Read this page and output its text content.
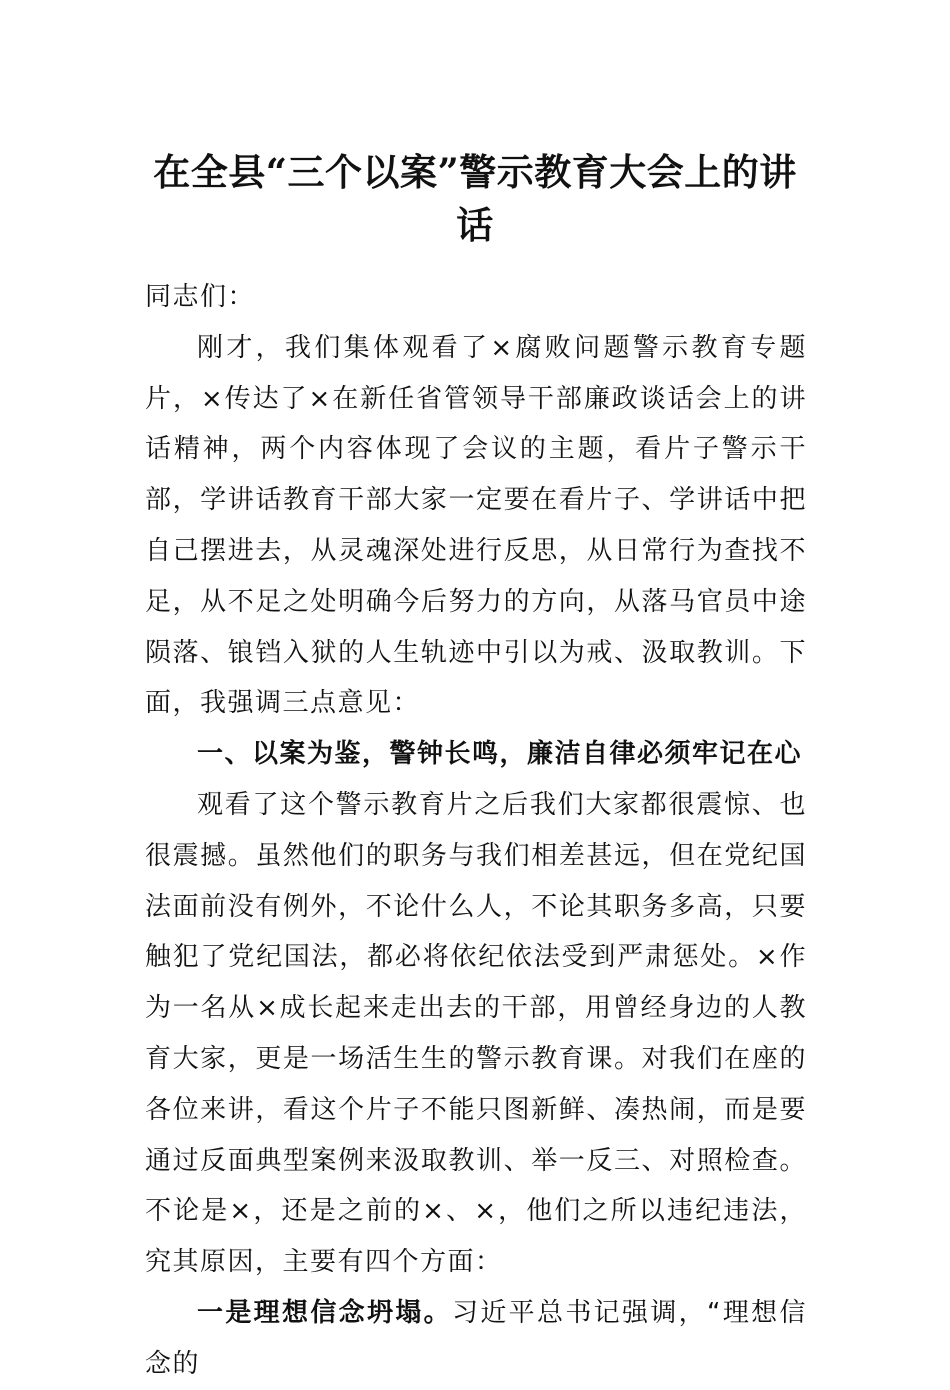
在全县“三个以案”警示教育大会上的讲话

同志们：

刚才，我们集体观看了×腐败问题警示教育专题片，×传达了×在新任省管领导干部廉政谈话会上的讲话精神，两个内容体现了会议的主题，看片子警示干部，学讲话教育干部大家一定要在看片子、学讲话中把自己摆进去，从灵魂深处进行反思，从日常行为查找不足，从不足之处明确今后努力的方向，从落马官员中途陨落、锒铛入狱的人生轨迹中引以为戒、汲取教训。下面，我强调三点意见：

一、以案为鉴，警钟长鸣，廉洁自律必须牢记在心

观看了这个警示教育片之后我们大家都很震惊、也很震撼。虽然他们的职务与我们相差甚远，但在党纪国法面前没有例外，不论什么人，不论其职务多高，只要触犯了党纪国法，都必将依纪依法受到严肃惩处。×作为一名从×成长起来走出去的干部，用曾经身边的人教育大家，更是一场活生生的警示教育课。对我们在座的各位来讲，看这个片子不能只图新鲜、凑热闹，而是要通过反面典型案例来汲取教训、举一反三、对照检查。不论是×，还是之前的×、×，他们之所以违纪违法，究其原因，主要有四个方面：

一是理想信念坍塌。习近平总书记强调，“理想信念的
